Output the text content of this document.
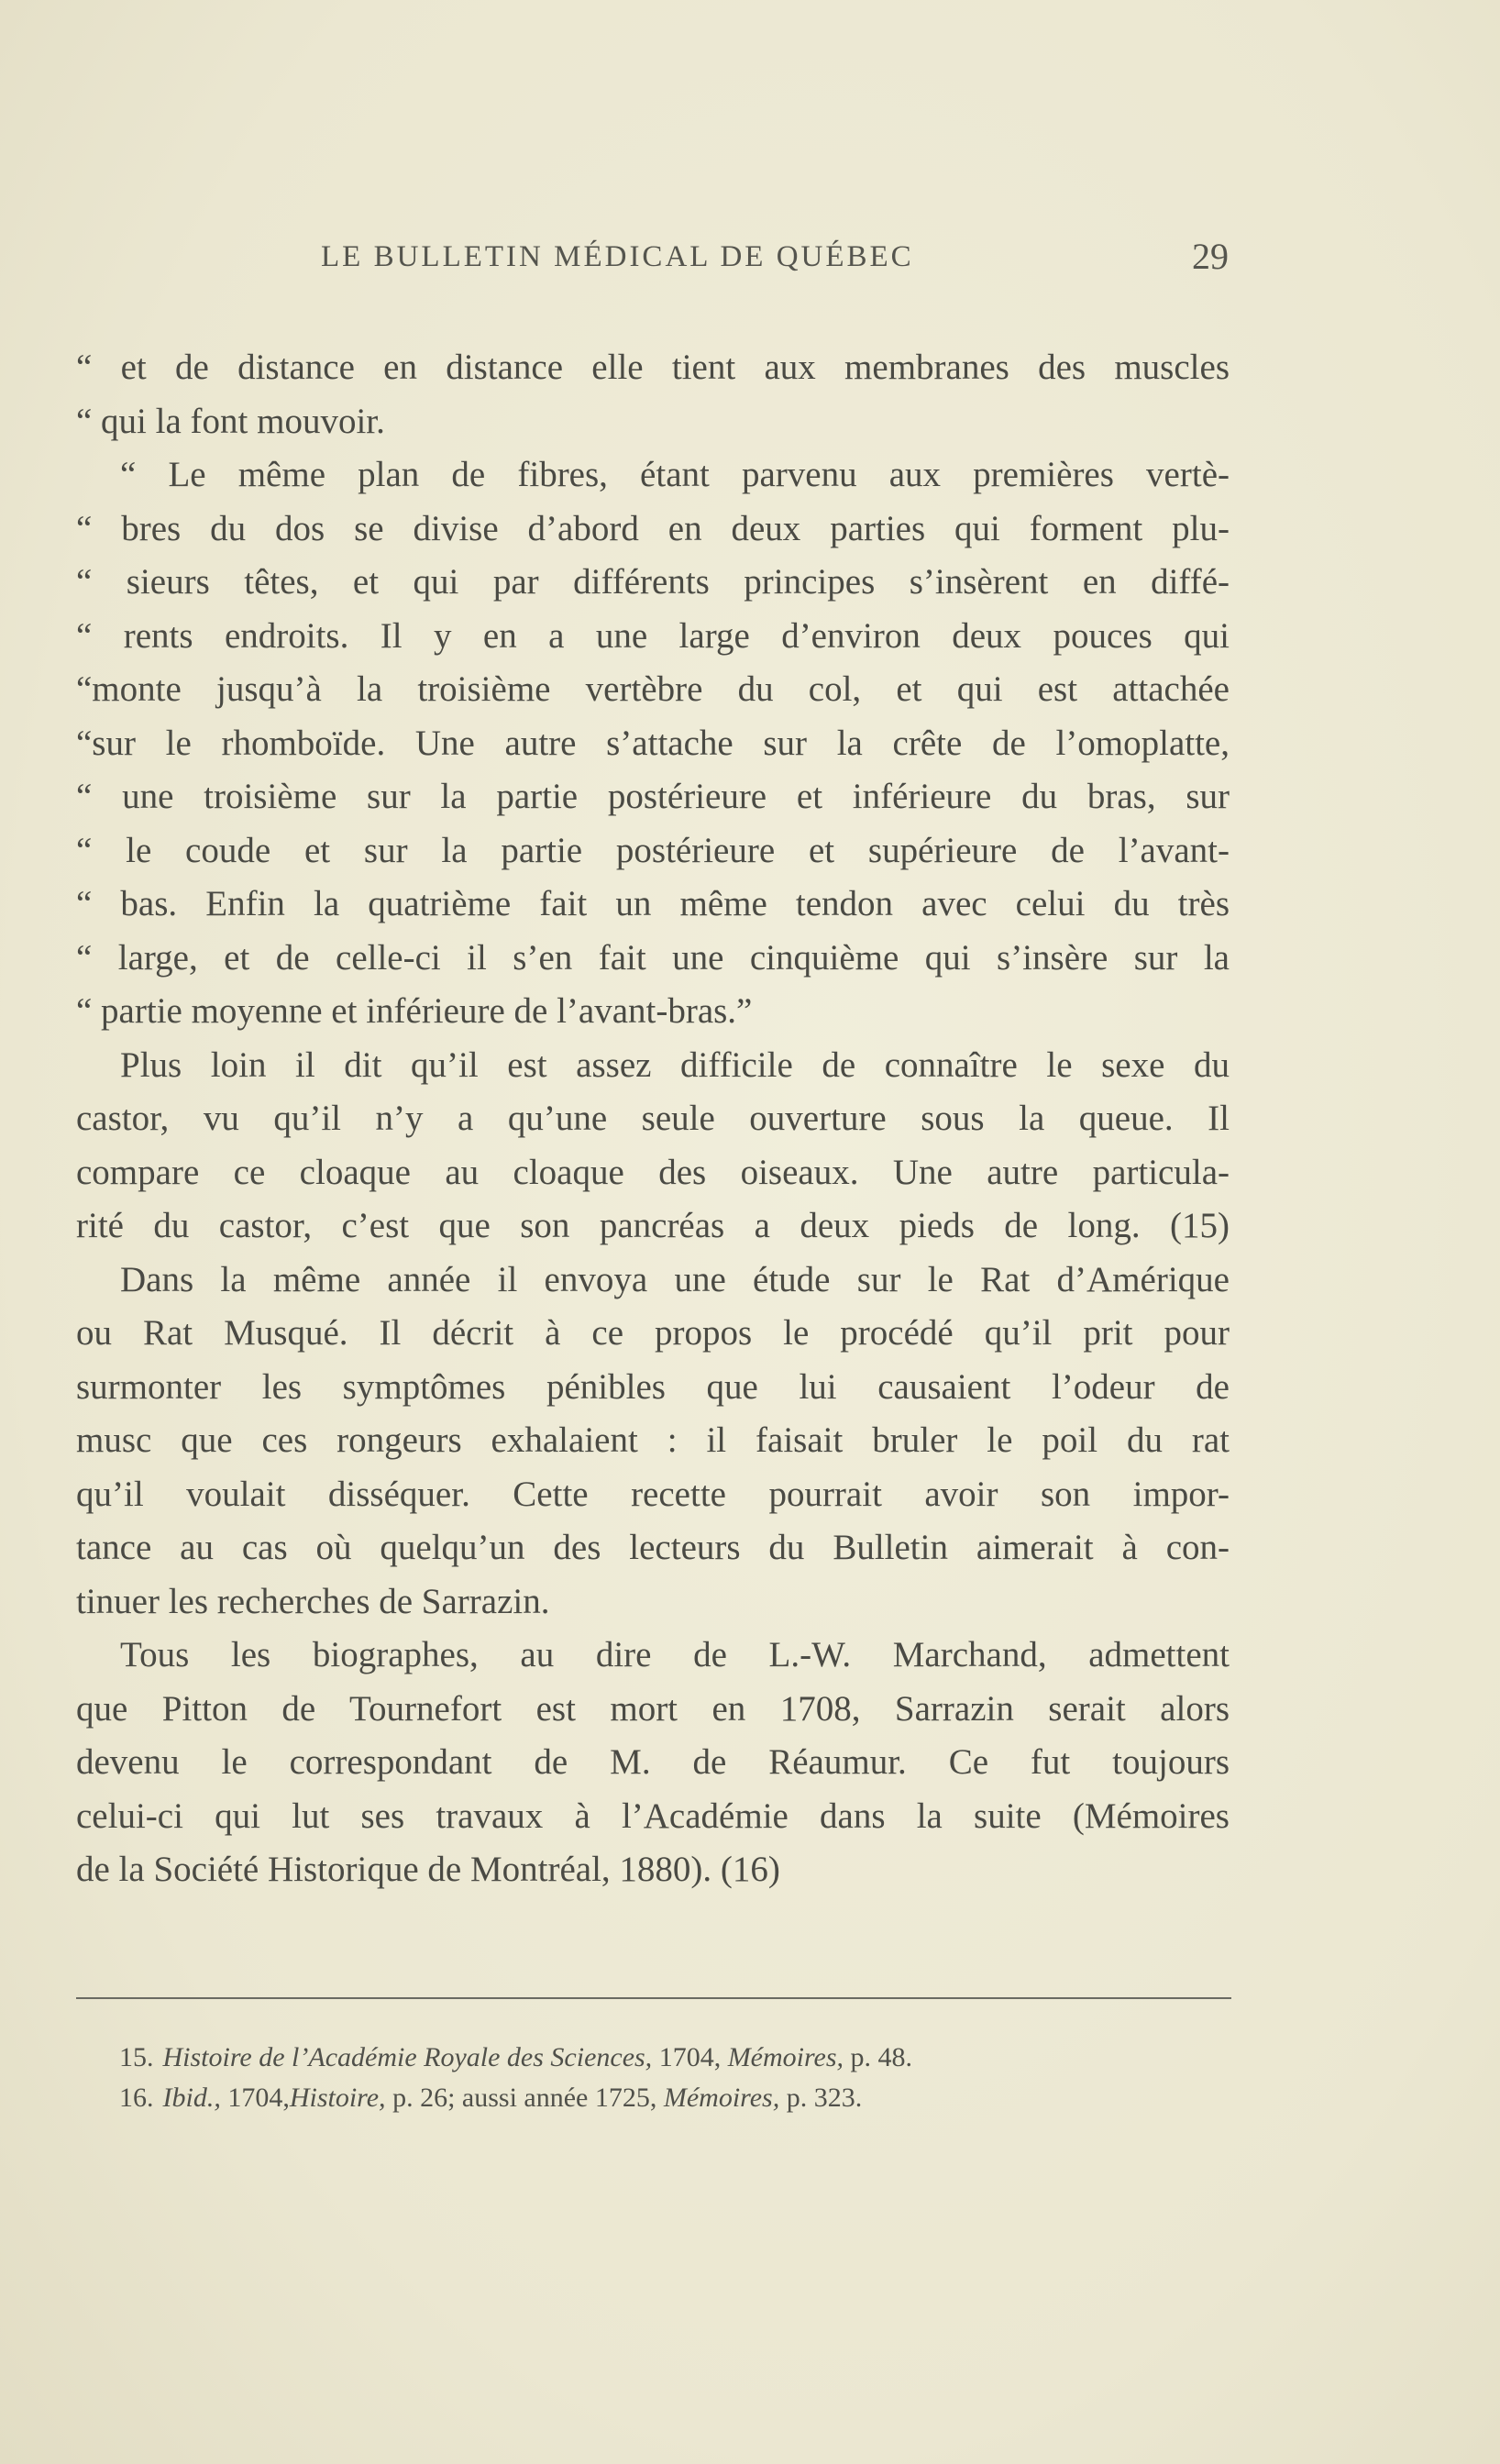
LE BULLETIN MÉDICAL DE QUÉBEC	29
“ et de distance en distance elle tient aux membranes des muscles
“ qui la font mouvoir.
“ Le même plan de fibres, étant parvenu aux premières vertè-
“ bres du dos se divise d’abord en deux parties qui forment plu-
“ sieurs têtes, et qui par différents principes s’insèrent en diffé-
“ rents endroits. Il y en a une large d’environ deux pouces qui
“monte jusqu’à la troisième vertèbre du col, et qui est attachée
“sur le rhomboïde. Une autre s’attache sur la crête de l’omoplatte,
“ une troisième sur la partie postérieure et inférieure du bras, sur
“ le coude et sur la partie postérieure et supérieure de l’avant-
“ bas. Enfin la quatrième fait un même tendon avec celui du très
“ large, et de celle-ci il s’en fait une cinquième qui s’insère sur la
“ partie moyenne et inférieure de l’avant-bras.”
Plus loin il dit qu’il est assez difficile de connaître le sexe du
castor, vu qu’il n’y a qu’une seule ouverture sous la queue. Il
compare ce cloaque au cloaque des oiseaux. Une autre particula-
rité du castor, c’est que son pancréas a deux pieds de long. (15)
Dans la même année il envoya une étude sur le Rat d’Amérique
ou Rat Musqué. Il décrit à ce propos le procédé qu’il prit pour
surmonter les symptômes pénibles que lui causaient l’odeur de
musc que ces rongeurs exhalaient : il faisait bruler le poil du rat
qu’il voulait disséquer. Cette recette pourrait avoir son impor-
tance au cas où quelqu’un des lecteurs du Bulletin aimerait à con-
tinuer les recherches de Sarrazin.
Tous les biographes, au dire de L.-W. Marchand, admettent
que Pitton de Tournefort est mort en 1708, Sarrazin serait alors
devenu le correspondant de M. de Réaumur. Ce fut toujours
celui-ci qui lut ses travaux à l’Académie dans la suite (Mémoires
de la Société Historique de Montréal, 1880). (16)
15. Histoire de l’Académie Royale des Sciences, 1704, Mémoires, p. 48.
16. Ibid., 1704,Histoire, p. 26; aussi année 1725, Mémoires, p. 323.
